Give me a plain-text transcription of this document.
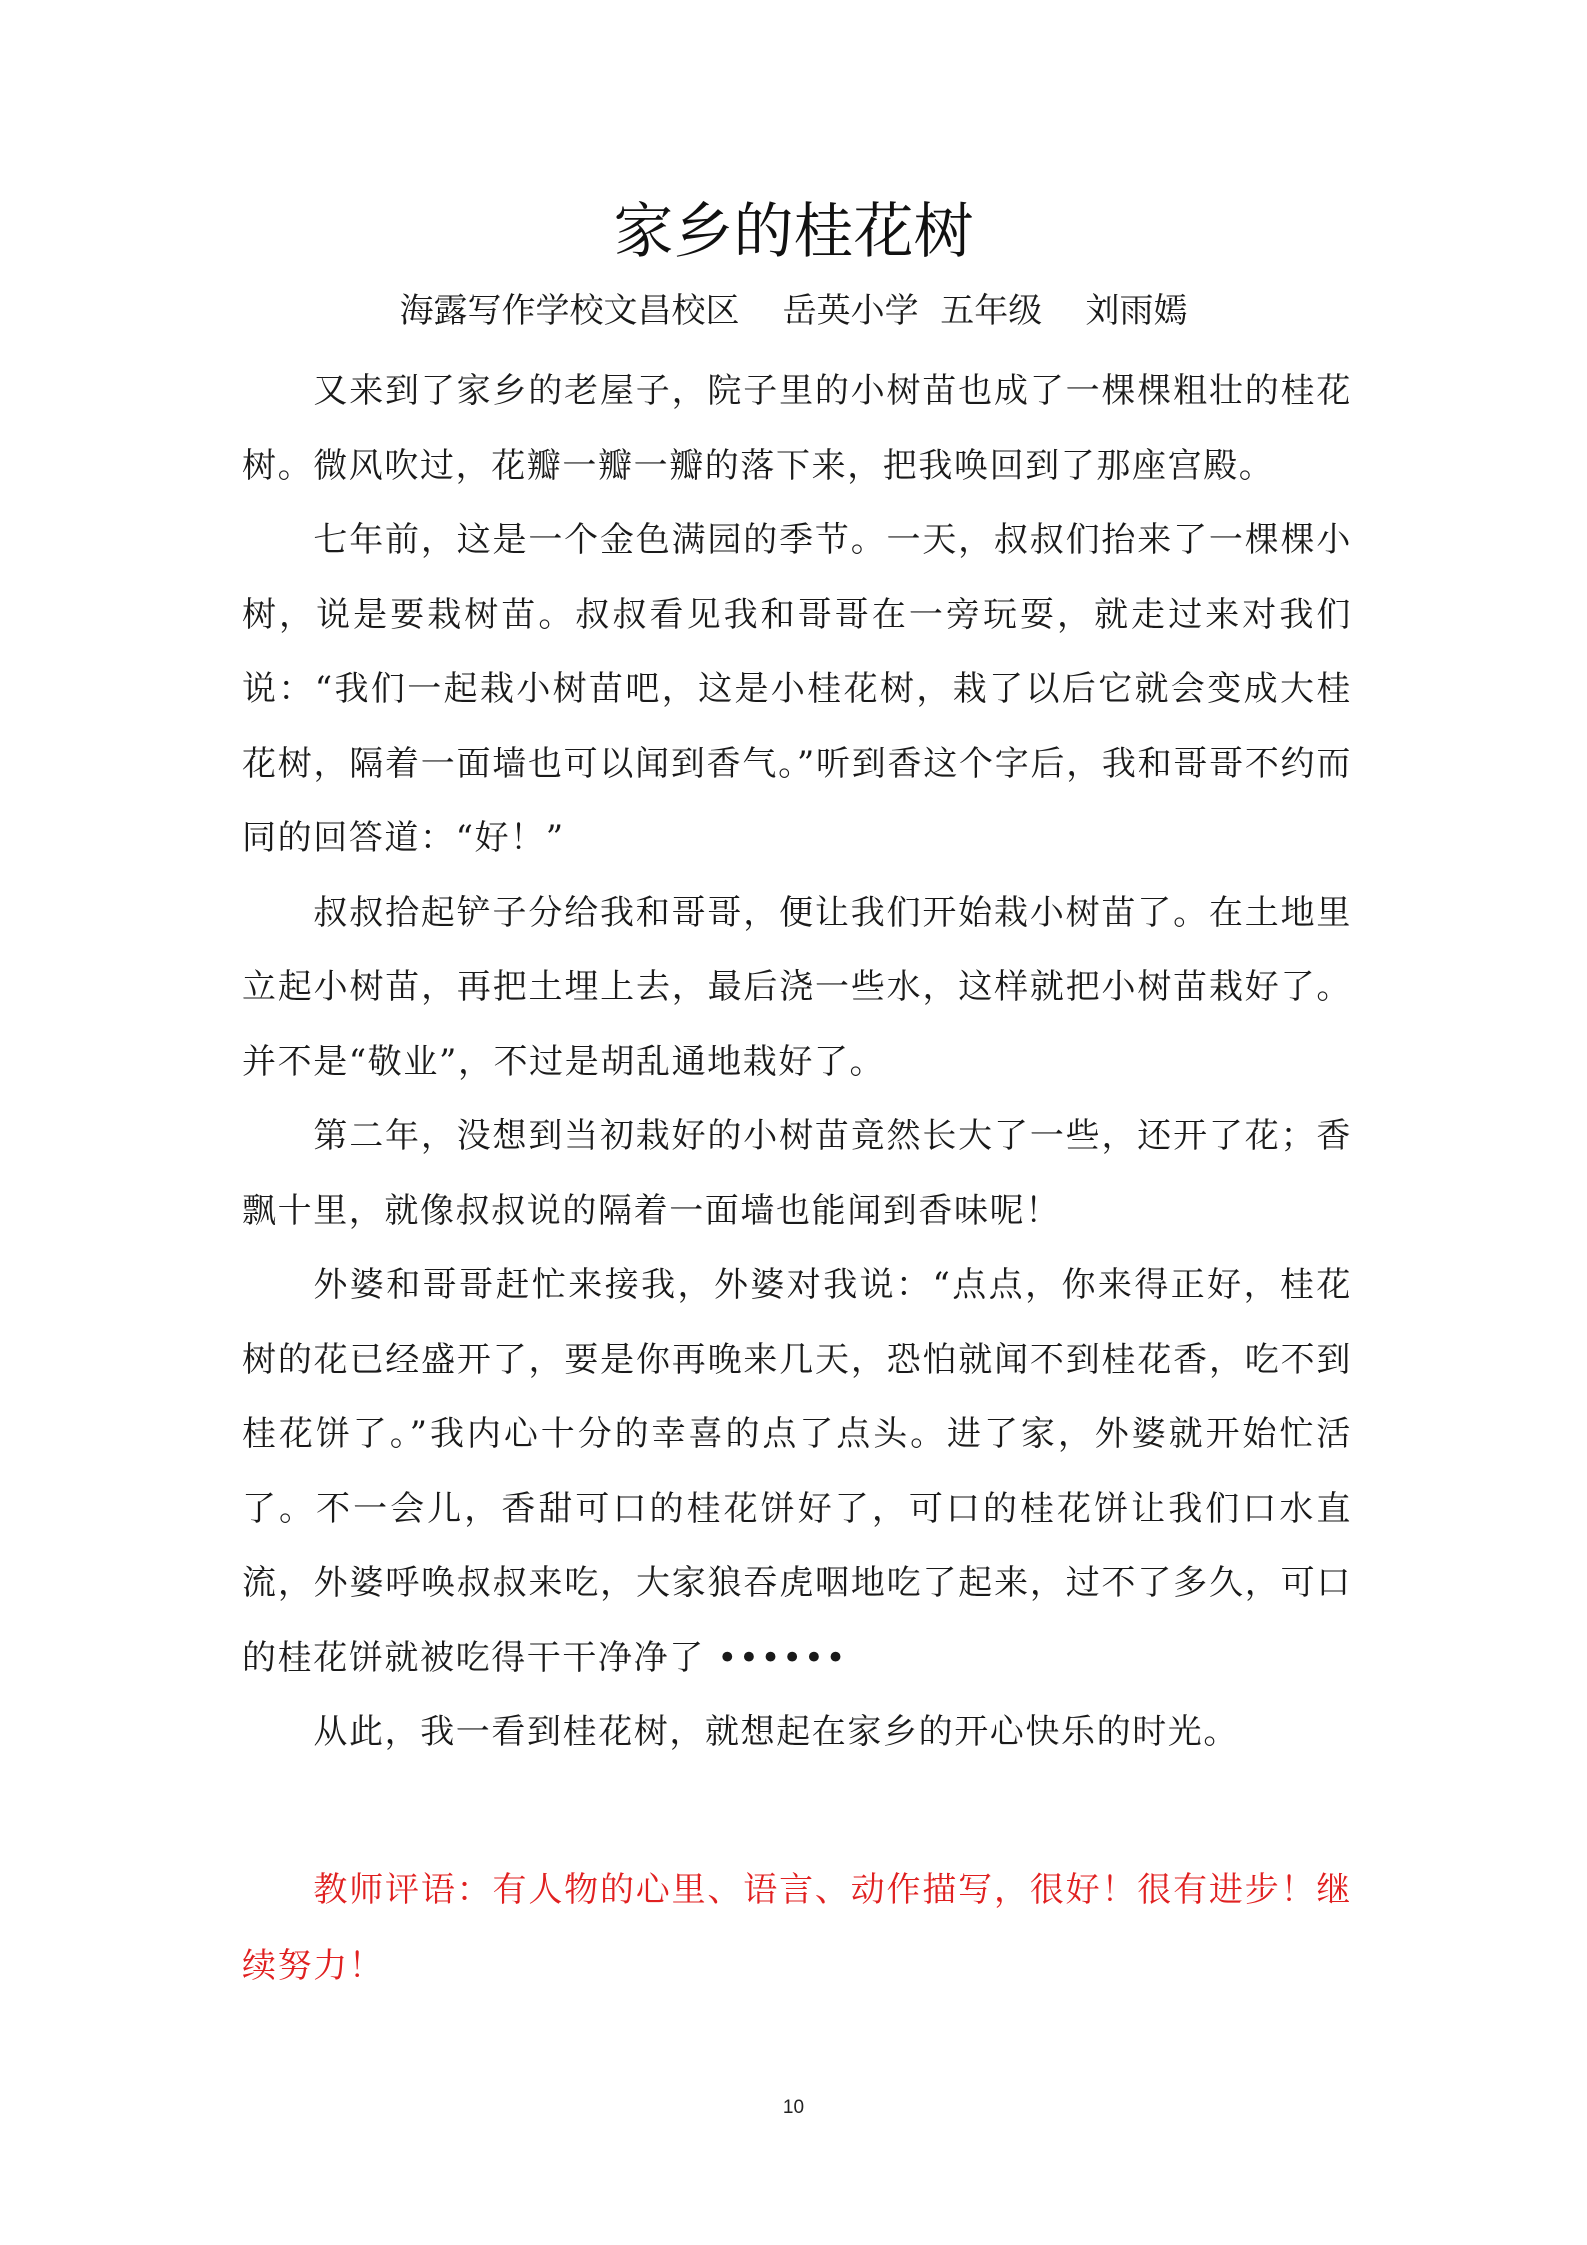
家乡的桂花树
海露写作学校文昌校区    岳英小学  五年级    刘雨嫣

又来到了家乡的老屋子，院子里的小树苗也成了一棵棵粗壮的桂花树。微风吹过，花瓣一瓣一瓣的落下来，把我唤回到了那座宫殿。

七年前，这是一个金色满园的季节。一天，叔叔们抬来了一棵棵小树，说是要栽树苗。叔叔看见我和哥哥在一旁玩耍，就走过来对我们说：“我们一起栽小树苗吧，这是小桂花树，栽了以后它就会变成大桂花树，隔着一面墙也可以闻到香气。”听到香这个字后，我和哥哥不约而同的回答道：“好！”

叔叔拾起铲子分给我和哥哥，便让我们开始栽小树苗了。在土地里立起小树苗，再把土埋上去，最后浇一些水，这样就把小树苗栽好了。并不是“敬业”，不过是胡乱通地栽好了。

第二年，没想到当初栽好的小树苗竟然长大了一些，还开了花；香飘十里，就像叔叔说的隔着一面墙也能闻到香味呢！

外婆和哥哥赶忙来接我，外婆对我说：“点点，你来得正好，桂花树的花已经盛开了，要是你再晚来几天，恐怕就闻不到桂花香，吃不到桂花饼了。”我内心十分的幸喜的点了点头。进了家，外婆就开始忙活了。不一会儿，香甜可口的桂花饼好了，可口的桂花饼让我们口水直流，外婆呼唤叔叔来吃，大家狼吞虎咽地吃了起来，过不了多久，可口的桂花饼就被吃得干干净净了 ••••••

从此，我一看到桂花树，就想起在家乡的开心快乐的时光。

教师评语：有人物的心里、语言、动作描写，很好！很有进步！继续努力！

10
